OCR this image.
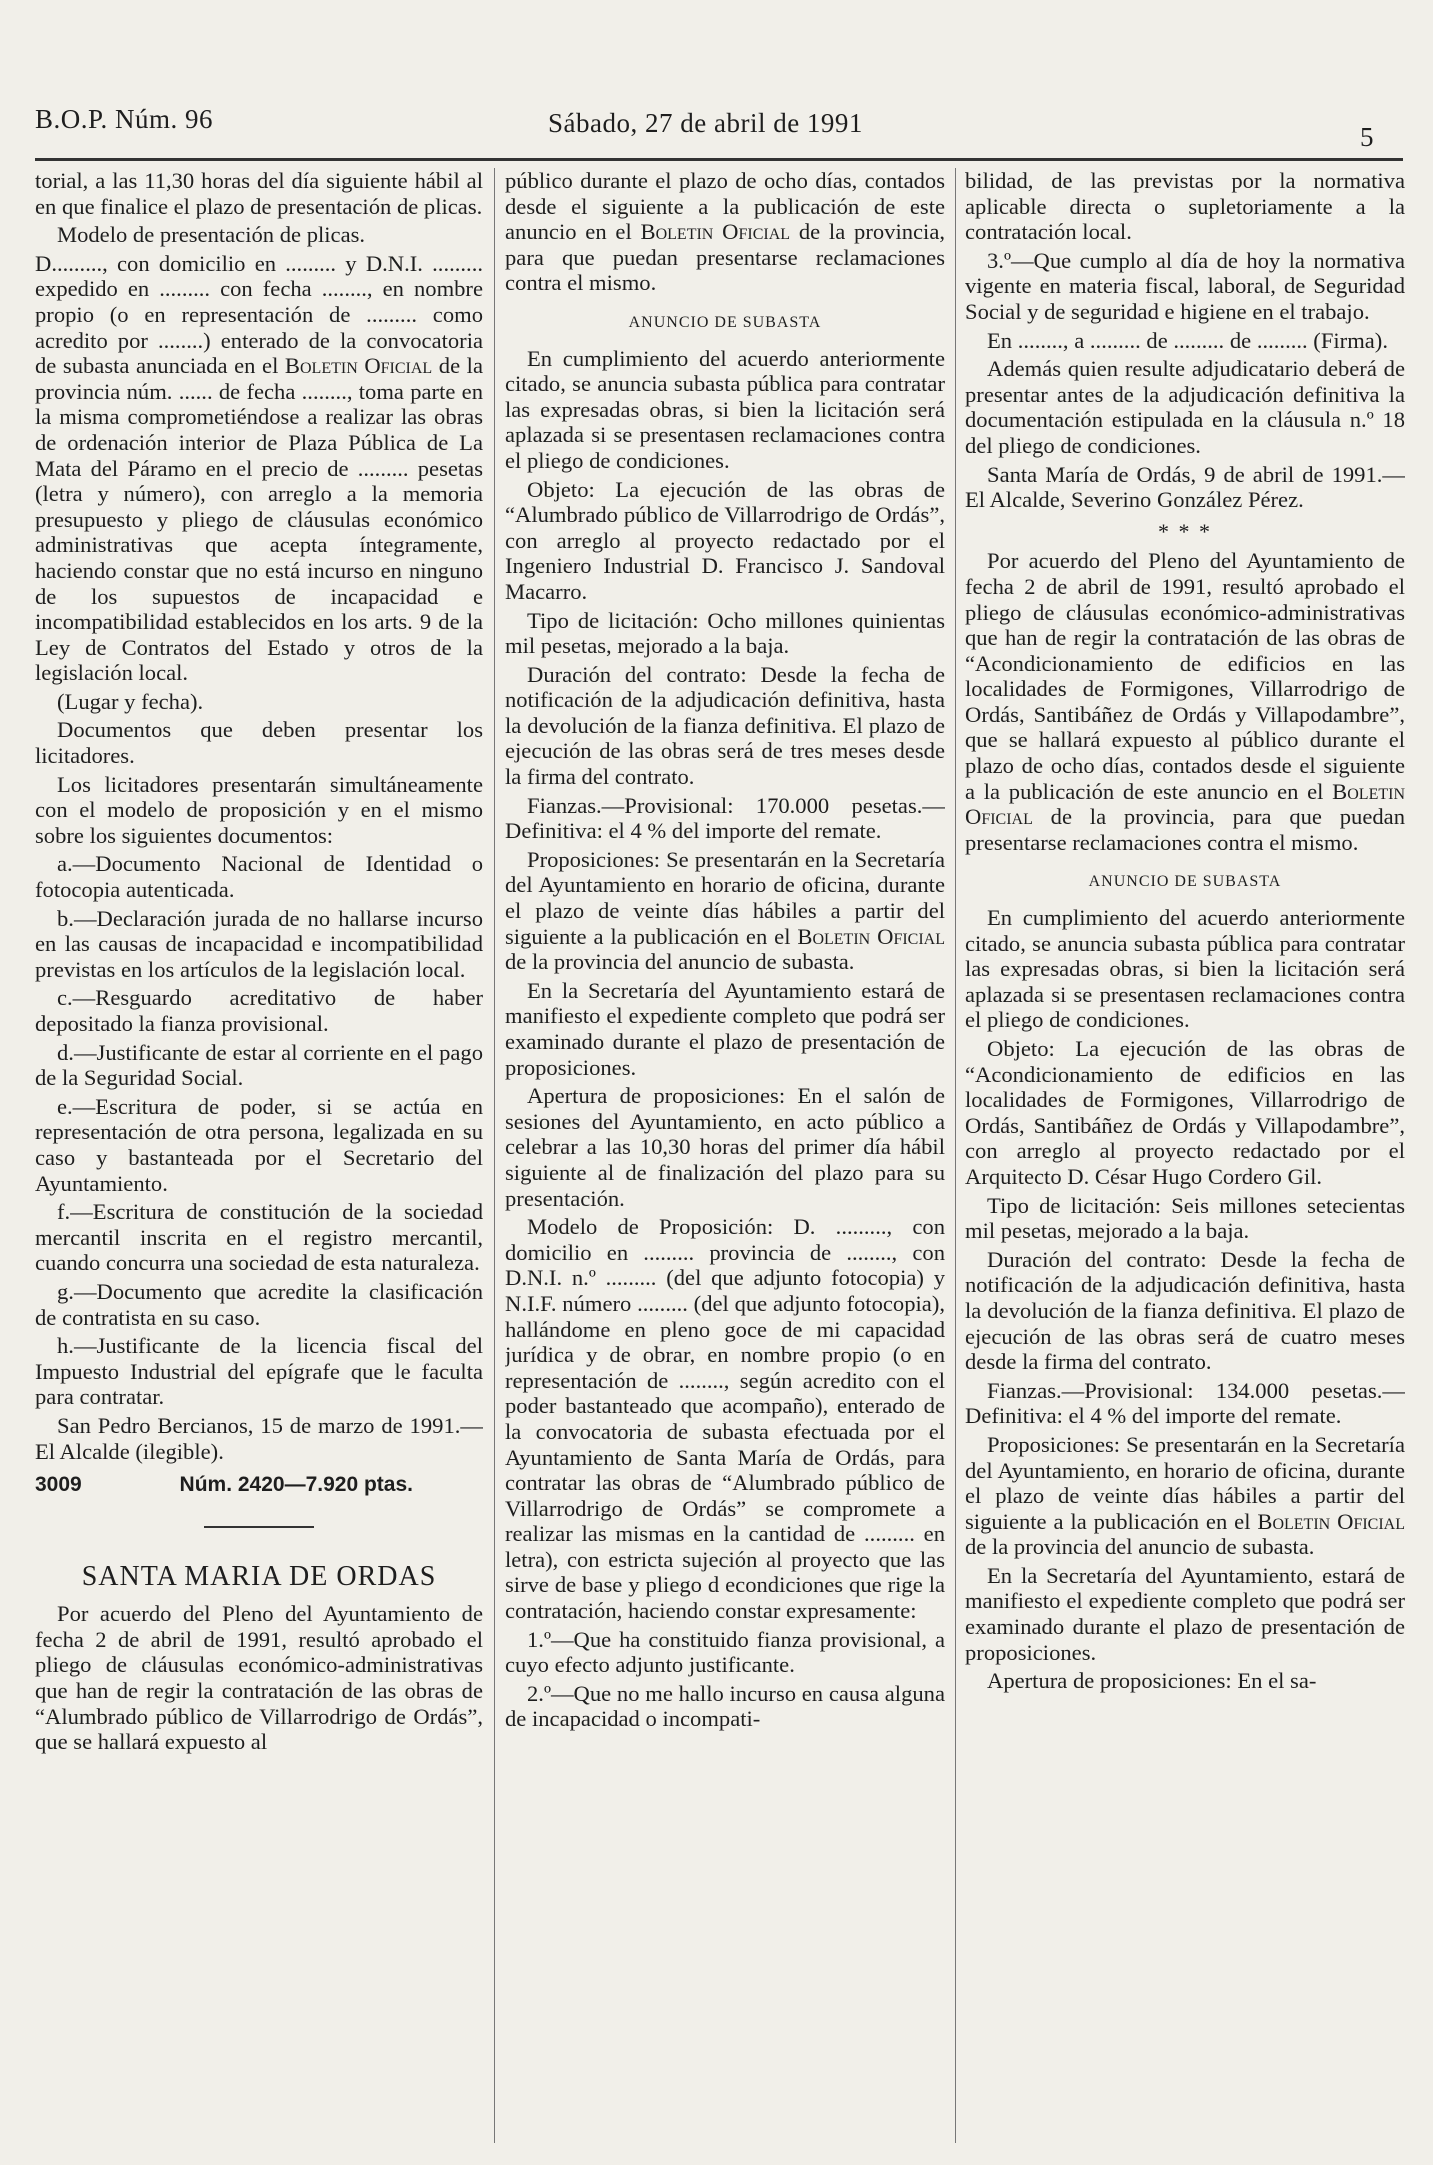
B.O.P. Núm. 96	Sábado, 27 de abril de 1991	5

torial, a las 11,30 horas del día siguiente hábil al en que finalice el plazo de presentación de plicas.

Modelo de presentación de plicas.

D........., con domicilio en ......... y D.N.I. ......... expedido en ......... con fecha ........, en nombre propio (o en representación de ......... como acredito por ........) enterado de la convocatoria de subasta anunciada en el Boletin Oficial de la provincia núm. ...... de fecha ........, toma parte en la misma comprometiéndose a realizar las obras de ordenación interior de Plaza Pública de La Mata del Páramo en el precio de ......... pesetas (letra y número), con arreglo a la memoria presupuesto y pliego de cláusulas económico administrativas que acepta íntegramente, haciendo constar que no está incurso en ninguno de los supuestos de incapacidad e incompatibilidad establecidos en los arts. 9 de la Ley de Contratos del Estado y otros de la legislación local.

(Lugar y fecha).

Documentos que deben presentar los licitadores.

Los licitadores presentarán simultáneamente con el modelo de proposición y en el mismo sobre los siguientes documentos:

a.—Documento Nacional de Identidad o fotocopia autenticada.

b.—Declaración jurada de no hallarse incurso en las causas de incapacidad e incompatibilidad previstas en los artículos de la legislación local.

c.—Resguardo acreditativo de haber depositado la fianza provisional.

d.—Justificante de estar al corriente en el pago de la Seguridad Social.

e.—Escritura de poder, si se actúa en representación de otra persona, legalizada en su caso y bastanteada por el Secretario del Ayuntamiento.

f.—Escritura de constitución de la sociedad mercantil inscrita en el registro mercantil, cuando concurra una sociedad de esta naturaleza.

g.—Documento que acredite la clasificación de contratista en su caso.

h.—Justificante de la licencia fiscal del Impuesto Industrial del epígrafe que le faculta para contratar.

San Pedro Bercianos, 15 de marzo de 1991.—El Alcalde (ilegible).

3009	Núm. 2420—7.920 ptas.

SANTA MARIA DE ORDAS

Por acuerdo del Pleno del Ayuntamiento de fecha 2 de abril de 1991, resultó aprobado el pliego de cláusulas económico-administrativas que han de regir la contratación de las obras de “Alumbrado público de Villarrodrigo de Ordás”, que se hallará expuesto al

público durante el plazo de ocho días, contados desde el siguiente a la publicación de este anuncio en el Boletin Oficial de la provincia, para que puedan presentarse reclamaciones contra el mismo.

ANUNCIO DE SUBASTA

En cumplimiento del acuerdo anteriormente citado, se anuncia subasta pública para contratar las expresadas obras, si bien la licitación será aplazada si se presentasen reclamaciones contra el pliego de condiciones.

Objeto: La ejecución de las obras de “Alumbrado público de Villarrodrigo de Ordás”, con arreglo al proyecto redactado por el Ingeniero Industrial D. Francisco J. Sandoval Macarro.

Tipo de licitación: Ocho millones quinientas mil pesetas, mejorado a la baja.

Duración del contrato: Desde la fecha de notificación de la adjudicación definitiva, hasta la devolución de la fianza definitiva. El plazo de ejecución de las obras será de tres meses desde la firma del contrato.

Fianzas.—Provisional: 170.000 pesetas.—Definitiva: el 4 % del importe del remate.

Proposiciones: Se presentarán en la Secretaría del Ayuntamiento en horario de oficina, durante el plazo de veinte días hábiles a partir del siguiente a la publicación en el Boletin Oficial de la provincia del anuncio de subasta.

En la Secretaría del Ayuntamiento estará de manifiesto el expediente completo que podrá ser examinado durante el plazo de presentación de proposiciones.

Apertura de proposiciones: En el salón de sesiones del Ayuntamiento, en acto público a celebrar a las 10,30 horas del primer día hábil siguiente al de finalización del plazo para su presentación.

Modelo de Proposición: D. ........., con domicilio en ......... provincia de ........, con D.N.I. n.º ......... (del que adjunto fotocopia) y N.I.F. número ......... (del que adjunto fotocopia), hallándome en pleno goce de mi capacidad jurídica y de obrar, en nombre propio (o en representación de ........, según acredito con el poder bastanteado que acompaño), enterado de la convocatoria de subasta efectuada por el Ayuntamiento de Santa María de Ordás, para contratar las obras de “Alumbrado público de Villarrodrigo de Ordás” se compromete a realizar las mismas en la cantidad de ......... en letra), con estricta sujeción al proyecto que las sirve de base y pliego d econdiciones que rige la contratación, haciendo constar expresamente:

1.º—Que ha constituido fianza provisional, a cuyo efecto adjunto justificante.

2.º—Que no me hallo incurso en causa alguna de incapacidad o incompati-

bilidad, de las previstas por la normativa aplicable directa o supletoriamente a la contratación local.

3.º—Que cumplo al día de hoy la normativa vigente en materia fiscal, laboral, de Seguridad Social y de seguridad e higiene en el trabajo.

En ........, a ......... de ......... de ......... (Firma).

Además quien resulte adjudicatario deberá de presentar antes de la adjudicación definitiva la documentación estipulada en la cláusula n.º 18 del pliego de condiciones.

Santa María de Ordás, 9 de abril de 1991.—El Alcalde, Severino González Pérez.

* * *

Por acuerdo del Pleno del Ayuntamiento de fecha 2 de abril de 1991, resultó aprobado el pliego de cláusulas económico-administrativas que han de regir la contratación de las obras de “Acondicionamiento de edificios en las localidades de Formigones, Villarrodrigo de Ordás, Santibáñez de Ordás y Villapodambre”, que se hallará expuesto al público durante el plazo de ocho días, contados desde el siguiente a la publicación de este anuncio en el Boletin Oficial de la provincia, para que puedan presentarse reclamaciones contra el mismo.

ANUNCIO DE SUBASTA

En cumplimiento del acuerdo anteriormente citado, se anuncia subasta pública para contratar las expresadas obras, si bien la licitación será aplazada si se presentasen reclamaciones contra el pliego de condiciones.

Objeto: La ejecución de las obras de “Acondicionamiento de edificios en las localidades de Formigones, Villarrodrigo de Ordás, Santibáñez de Ordás y Villapodambre”, con arreglo al proyecto redactado por el Arquitecto D. César Hugo Cordero Gil.

Tipo de licitación: Seis millones setecientas mil pesetas, mejorado a la baja.

Duración del contrato: Desde la fecha de notificación de la adjudicación definitiva, hasta la devolución de la fianza definitiva. El plazo de ejecución de las obras será de cuatro meses desde la firma del contrato.

Fianzas.—Provisional: 134.000 pesetas.—Definitiva: el 4 % del importe del remate.

Proposiciones: Se presentarán en la Secretaría del Ayuntamiento, en horario de oficina, durante el plazo de veinte días hábiles a partir del siguiente a la publicación en el Boletin Oficial de la provincia del anuncio de subasta.

En la Secretaría del Ayuntamiento, estará de manifiesto el expediente completo que podrá ser examinado durante el plazo de presentación de proposiciones.

Apertura de proposiciones: En el sa-
